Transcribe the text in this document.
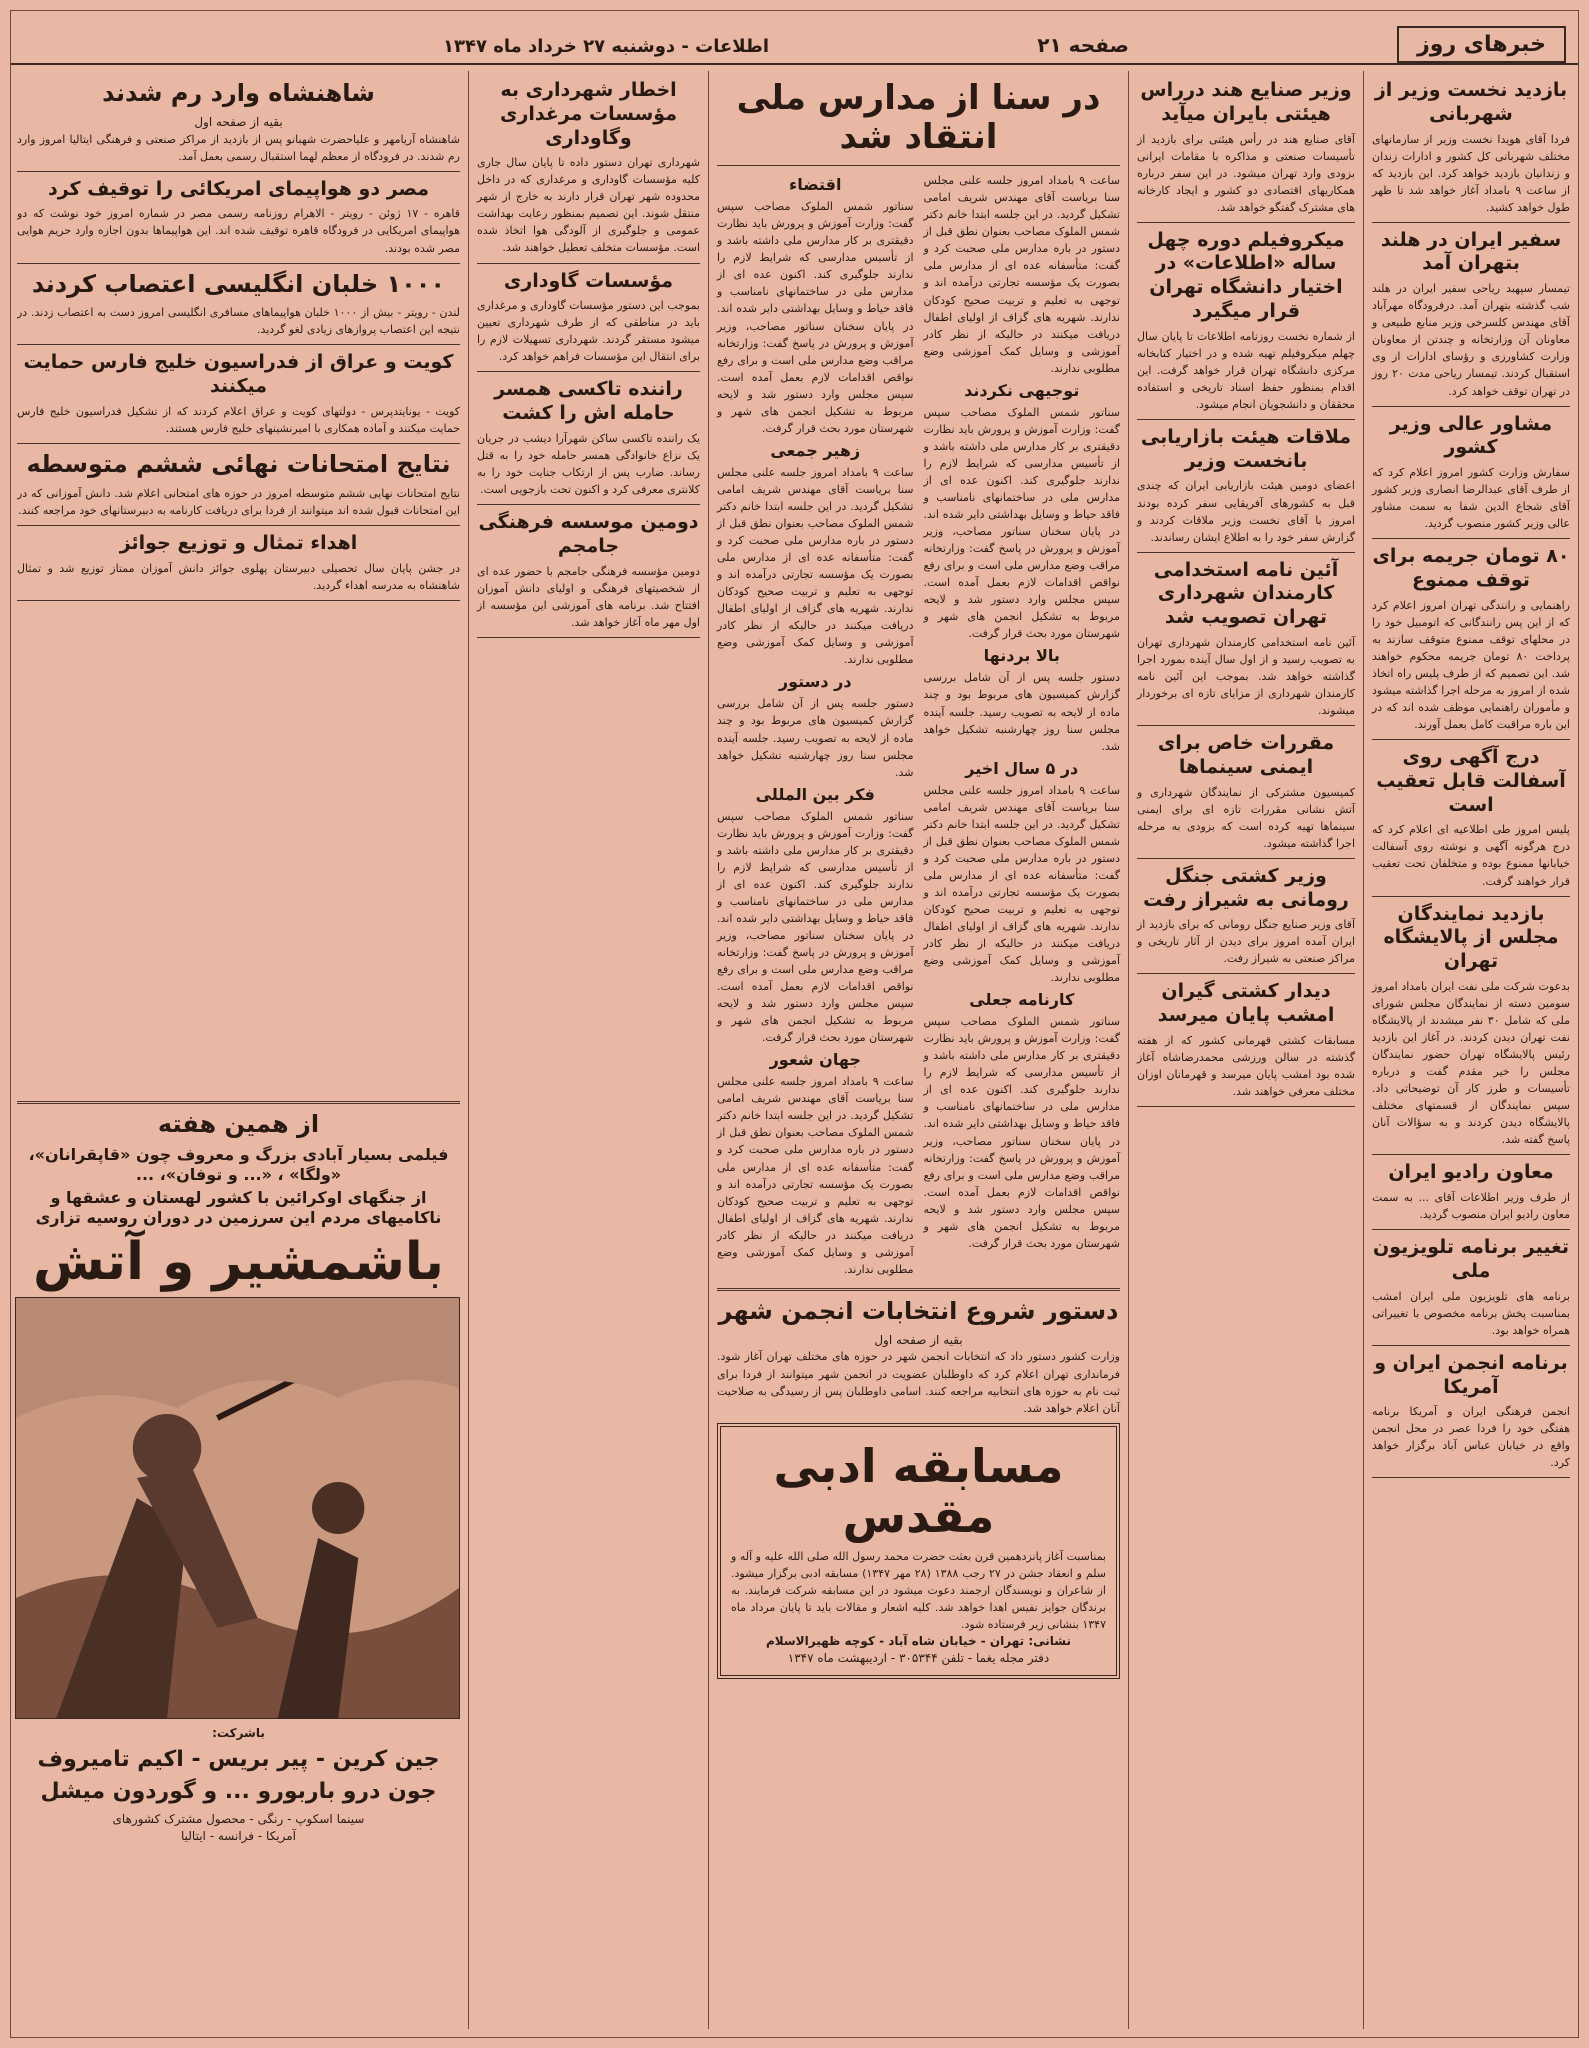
خبرهای روز
صفحه ۲۱
اطلاعات - دوشنبه ۲۷ خرداد ماه ۱۳۴۷
بازدید نخست وزیر از شهربانی
فردا آقای هویدا نخست وزیر از سازمانهای مختلف شهربانی کل کشور و ادارات زندان و زندانیان بازدید خواهد کرد. این بازدید که از ساعت ۹ بامداد آغاز خواهد شد تا ظهر طول خواهد کشید.
سفیر ایران در هلند بتهران آمد
تیمسار سپهبد ریاحی سفیر ایران در هلند شب گذشته بتهران آمد. درفرودگاه مهرآباد آقای مهندس کلسرخی وزیر منابع طبیعی و معاونان آن وزارتخانه و چندتن از معاونان وزارت کشاورزی و رؤسای ادارات از وی استقبال کردند. تیمسار ریاحی مدت ۲۰ روز در تهران توقف خواهد کرد.
مشاور عالی وزیر کشور
سفارش وزارت کشور امروز اعلام کرد که از طرف آقای عبدالرضا انصاری وزیر کشور آقای شجاع الدین شفا به سمت مشاور عالی وزیر کشور منصوب گردید.
۸۰ تومان جریمه برای توقف ممنوع
راهنمایی و رانندگی تهران امروز اعلام کرد که از این پس رانندگانی که اتومبیل خود را در محلهای توقف ممنوع متوقف سازند به پرداخت ۸۰ تومان جریمه محکوم خواهند شد. این تصمیم که از طرف پلیس راه اتخاذ شده از امروز به مرحله اجرا گذاشته میشود و مأموران راهنمایی موظف شده اند که در این باره مراقبت کامل بعمل آورند.
درج آگهی روی آسفالت قابل تعقیب است
پلیس امروز طی اطلاعیه ای اعلام کرد که درج هرگونه آگهی و نوشته روی آسفالت خیابانها ممنوع بوده و متخلفان تحت تعقیب قرار خواهند گرفت.
بازدید نمایندگان مجلس از پالایشگاه تهران
بدعوت شرکت ملی نفت ایران بامداد امروز سومین دسته از نمایندگان مجلس شورای ملی که شامل ۳۰ نفر میشدند از پالایشگاه نفت تهران دیدن کردند. در آغاز این بازدید رئیس پالایشگاه تهران حضور نمایندگان مجلس را خیر مقدم گفت و درباره تأسیسات و طرز کار آن توضیحاتی داد. سپس نمایندگان از قسمتهای مختلف پالایشگاه دیدن کردند و به سؤالات آنان پاسخ گفته شد.
معاون رادیو ایران
از طرف وزیر اطلاعات آقای ... به سمت معاون رادیو ایران منصوب گردید.
تغییر برنامه تلویزیون ملی
برنامه های تلویزیون ملی ایران امشب بمناسبت پخش برنامه مخصوص با تغییراتی همراه خواهد بود.
برنامه انجمن ایران و آمریکا
انجمن فرهنگی ایران و آمریکا برنامه هفتگی خود را فردا عصر در محل انجمن واقع در خیابان عباس آباد برگزار خواهد کرد.
وزیر صنایع هند درراس هیئتی بایران میآید
آقای صنایع هند در رأس هیئتی برای بازدید از تأسیسات صنعتی و مذاکره با مقامات ایرانی بزودی وارد تهران میشود. در این سفر درباره همکاریهای اقتصادی دو کشور و ایجاد کارخانه های مشترک گفتگو خواهد شد.
میکروفیلم دوره چهل ساله «اطلاعات» در اختیار دانشگاه تهران قرار میگیرد
از شماره نخست روزنامه اطلاعات تا پایان سال چهلم میکروفیلم تهیه شده و در اختیار کتابخانه مرکزی دانشگاه تهران قرار خواهد گرفت. این اقدام بمنظور حفظ اسناد تاریخی و استفاده محققان و دانشجویان انجام میشود.
ملاقات هیئت بازاریابی بانخست وزیر
اعضای دومین هیئت بازاریابی ایران که چندی قبل به کشورهای آفریقایی سفر کرده بودند امروز با آقای نخست وزیر ملاقات کردند و گزارش سفر خود را به اطلاع ایشان رساندند.
آئین نامه استخدامی کارمندان شهرداری تهران تصویب شد
آئین نامه استخدامی کارمندان شهرداری تهران به تصویب رسید و از اول سال آینده بمورد اجرا گذاشته خواهد شد. بموجب این آئین نامه کارمندان شهرداری از مزایای تازه ای برخوردار میشوند.
مقررات خاص برای ایمنی سینماها
کمیسیون مشترکی از نمایندگان شهرداری و آتش نشانی مقررات تازه ای برای ایمنی سینماها تهیه کرده است که بزودی به مرحله اجرا گذاشته میشود.
وزیر کشتی جنگل رومانی به شیراز رفت
آقای وزیر صنایع جنگل رومانی که برای بازدید از ایران آمده امروز برای دیدن از آثار تاریخی و مراکز صنعتی به شیراز رفت.
دیدار کشتی گیران امشب پایان میرسد
مسابقات کشتی قهرمانی کشور که از هفته گذشته در سالن ورزشی محمدرضاشاه آغاز شده بود امشب پایان میرسد و قهرمانان اوزان مختلف معرفی خواهند شد.
در سنا از مدارس ملی انتقاد شد

ساعت ۹ بامداد امروز جلسه علنی مجلس سنا بریاست آقای مهندس شریف امامی تشکیل گردید. در این جلسه ابتدا خانم دکتر شمس الملوک مصاحب بعنوان نطق قبل از دستور در باره مدارس ملی صحبت کرد و گفت: متأسفانه عده ای از مدارس ملی بصورت یک مؤسسه تجارتی درآمده اند و توجهی به تعلیم و تربیت صحیح کودکان ندارند. شهریه های گزاف از اولیای اطفال دریافت میکنند در حالیکه از نظر کادر آموزشی و وسایل کمک آموزشی وضع مطلوبی ندارند.

توجیهی نکردند

سناتور شمس الملوک مصاحب سپس گفت: وزارت آموزش و پرورش باید نظارت دقیقتری بر کار مدارس ملی داشته باشد و از تأسیس مدارسی که شرایط لازم را ندارند جلوگیری کند. اکنون عده ای از مدارس ملی در ساختمانهای نامناسب و فاقد حیاط و وسایل بهداشتی دایر شده اند. در پایان سخنان سناتور مصاحب، وزیر آموزش و پرورش در پاسخ گفت: وزارتخانه مراقب وضع مدارس ملی است و برای رفع نواقص اقدامات لازم بعمل آمده است. سپس مجلس وارد دستور شد و لایحه مربوط به تشکیل انجمن های شهر و شهرستان مورد بحث قرار گرفت.

بالا بردنها

دستور جلسه پس از آن شامل بررسی گزارش کمیسیون های مربوط بود و چند ماده از لایحه به تصویب رسید. جلسه آینده مجلس سنا روز چهارشنبه تشکیل خواهد شد.

در ۵ سال اخیر

ساعت ۹ بامداد امروز جلسه علنی مجلس سنا بریاست آقای مهندس شریف امامی تشکیل گردید. در این جلسه ابتدا خانم دکتر شمس الملوک مصاحب بعنوان نطق قبل از دستور در باره مدارس ملی صحبت کرد و گفت: متأسفانه عده ای از مدارس ملی بصورت یک مؤسسه تجارتی درآمده اند و توجهی به تعلیم و تربیت صحیح کودکان ندارند. شهریه های گزاف از اولیای اطفال دریافت میکنند در حالیکه از نظر کادر آموزشی و وسایل کمک آموزشی وضع مطلوبی ندارند.

کارنامه جعلی

سناتور شمس الملوک مصاحب سپس گفت: وزارت آموزش و پرورش باید نظارت دقیقتری بر کار مدارس ملی داشته باشد و از تأسیس مدارسی که شرایط لازم را ندارند جلوگیری کند. اکنون عده ای از مدارس ملی در ساختمانهای نامناسب و فاقد حیاط و وسایل بهداشتی دایر شده اند. در پایان سخنان سناتور مصاحب، وزیر آموزش و پرورش در پاسخ گفت: وزارتخانه مراقب وضع مدارس ملی است و برای رفع نواقص اقدامات لازم بعمل آمده است. سپس مجلس وارد دستور شد و لایحه مربوط به تشکیل انجمن های شهر و شهرستان مورد بحث قرار گرفت.

اقتضاء

سناتور شمس الملوک مصاحب سپس گفت: وزارت آموزش و پرورش باید نظارت دقیقتری بر کار مدارس ملی داشته باشد و از تأسیس مدارسی که شرایط لازم را ندارند جلوگیری کند. اکنون عده ای از مدارس ملی در ساختمانهای نامناسب و فاقد حیاط و وسایل بهداشتی دایر شده اند. در پایان سخنان سناتور مصاحب، وزیر آموزش و پرورش در پاسخ گفت: وزارتخانه مراقب وضع مدارس ملی است و برای رفع نواقص اقدامات لازم بعمل آمده است. سپس مجلس وارد دستور شد و لایحه مربوط به تشکیل انجمن های شهر و شهرستان مورد بحث قرار گرفت.

زهیر جمعی

ساعت ۹ بامداد امروز جلسه علنی مجلس سنا بریاست آقای مهندس شریف امامی تشکیل گردید. در این جلسه ابتدا خانم دکتر شمس الملوک مصاحب بعنوان نطق قبل از دستور در باره مدارس ملی صحبت کرد و گفت: متأسفانه عده ای از مدارس ملی بصورت یک مؤسسه تجارتی درآمده اند و توجهی به تعلیم و تربیت صحیح کودکان ندارند. شهریه های گزاف از اولیای اطفال دریافت میکنند در حالیکه از نظر کادر آموزشی و وسایل کمک آموزشی وضع مطلوبی ندارند.

در دستور

دستور جلسه پس از آن شامل بررسی گزارش کمیسیون های مربوط بود و چند ماده از لایحه به تصویب رسید. جلسه آینده مجلس سنا روز چهارشنبه تشکیل خواهد شد.

فکر بین المللی

سناتور شمس الملوک مصاحب سپس گفت: وزارت آموزش و پرورش باید نظارت دقیقتری بر کار مدارس ملی داشته باشد و از تأسیس مدارسی که شرایط لازم را ندارند جلوگیری کند. اکنون عده ای از مدارس ملی در ساختمانهای نامناسب و فاقد حیاط و وسایل بهداشتی دایر شده اند. در پایان سخنان سناتور مصاحب، وزیر آموزش و پرورش در پاسخ گفت: وزارتخانه مراقب وضع مدارس ملی است و برای رفع نواقص اقدامات لازم بعمل آمده است. سپس مجلس وارد دستور شد و لایحه مربوط به تشکیل انجمن های شهر و شهرستان مورد بحث قرار گرفت.

جهان شعور

ساعت ۹ بامداد امروز جلسه علنی مجلس سنا بریاست آقای مهندس شریف امامی تشکیل گردید. در این جلسه ابتدا خانم دکتر شمس الملوک مصاحب بعنوان نطق قبل از دستور در باره مدارس ملی صحبت کرد و گفت: متأسفانه عده ای از مدارس ملی بصورت یک مؤسسه تجارتی درآمده اند و توجهی به تعلیم و تربیت صحیح کودکان ندارند. شهریه های گزاف از اولیای اطفال دریافت میکنند در حالیکه از نظر کادر آموزشی و وسایل کمک آموزشی وضع مطلوبی ندارند.

دستور شروع انتخابات انجمن شهر
بقیه از صفحه اول

وزارت کشور دستور داد که انتخابات انجمن شهر در حوزه های مختلف تهران آغاز شود. فرمانداری تهران اعلام کرد که داوطلبان عضویت در انجمن شهر میتوانند از فردا برای ثبت نام به حوزه های انتخابیه مراجعه کنند. اسامی داوطلبان پس از رسیدگی به صلاحیت آنان اعلام خواهد شد.

مسابقه ادبی مقدس
بمناسبت آغاز پانزدهمین قرن بعثت حضرت محمد رسول الله صلی الله علیه و آله و سلم و انعقاد جشن در ۲۷ رجب ۱۳۸۸ (۲۸ مهر ۱۳۴۷) مسابقه ادبی برگزار میشود. از شاعران و نویسندگان ارجمند دعوت میشود در این مسابقه شرکت فرمایند. به برندگان جوایز نفیس اهدا خواهد شد. کلیه اشعار و مقالات باید تا پایان مرداد ماه ۱۳۴۷ بنشانی زیر فرستاده شود.
نشانی: تهران - خیابان شاه آباد - کوچه ظهیرالاسلام
دفتر مجله یغما - تلفن ۳۰۵۳۴۴ - اردیبهشت ماه ۱۳۴۷
اخطار شهرداری به مؤسسات مرغداری وگاوداری
شهرداری تهران دستور داده تا پایان سال جاری کلیه مؤسسات گاوداری و مرغداری که در داخل محدوده شهر تهران قرار دارند به خارج از شهر منتقل شوند. این تصمیم بمنظور رعایت بهداشت عمومی و جلوگیری از آلودگی هوا اتخاذ شده است. مؤسسات متخلف تعطیل خواهند شد.
مؤسسات گاوداری
بموجب این دستور مؤسسات گاوداری و مرغداری باید در مناطقی که از طرف شهرداری تعیین میشود مستقر گردند. شهرداری تسهیلات لازم را برای انتقال این مؤسسات فراهم خواهد کرد.
راننده تاکسی همسر حامله اش را کشت
یک راننده تاکسی ساکن شهرآرا دیشب در جریان یک نزاع خانوادگی همسر حامله خود را به قتل رساند. ضارب پس از ارتکاب جنایت خود را به کلانتری معرفی کرد و اکنون تحت بازجویی است.
دومین موسسه فرهنگی جامجم
دومین مؤسسه فرهنگی جامجم با حضور عده ای از شخصیتهای فرهنگی و اولیای دانش آموزان افتتاح شد. برنامه های آموزشی این مؤسسه از اول مهر ماه آغاز خواهد شد.
شاهنشاه وارد رم شدند
بقیه از صفحه اول
شاهنشاه آریامهر و علیاحضرت شهبانو پس از بازدید از مراکز صنعتی و فرهنگی ایتالیا امروز وارد رم شدند. در فرودگاه از معظم لهما استقبال رسمی بعمل آمد.
مصر دو هواپیمای امریکائی را توقیف کرد
قاهره - ۱۷ ژوئن - رویتر - الاهرام روزنامه رسمی مصر در شماره امروز خود نوشت که دو هواپیمای امریکایی در فرودگاه قاهره توقیف شده اند. این هواپیماها بدون اجازه وارد حریم هوایی مصر شده بودند.
۱۰۰۰ خلبان انگلیسی اعتصاب کردند
لندن - رویتر - بیش از ۱۰۰۰ خلبان هواپیماهای مسافری انگلیسی امروز دست به اعتصاب زدند. در نتیجه این اعتصاب پروازهای زیادی لغو گردید.
کویت و عراق از فدراسیون خلیج فارس حمایت میکنند
کویت - یونایتدپرس - دولتهای کویت و عراق اعلام کردند که از تشکیل فدراسیون خلیج فارس حمایت میکنند و آماده همکاری با امیرنشینهای خلیج فارس هستند.
نتایج امتحانات نهائی ششم متوسطه
نتایج امتحانات نهایی ششم متوسطه امروز در حوزه های امتحانی اعلام شد. دانش آموزانی که در این امتحانات قبول شده اند میتوانند از فردا برای دریافت کارنامه به دبیرستانهای خود مراجعه کنند.
اهداء تمثال و توزیع جوائز
در جشن پایان سال تحصیلی دبیرستان پهلوی جوائز دانش آموزان ممتاز توزیع شد و تمثال شاهنشاه به مدرسه اهداء گردید.
از همین هفته
فیلمی بسیار آبادی بزرگ و معروف چون «قاپقرانان»، «ولگا» ، «... و توفان»، ...
از جنگهای اوکرائین با کشور لهستان و عشقها و ناکامیهای مردم این سرزمین در دوران روسیه تزاری
باشمشیر و آتش
باشرکت:
جین کرین - پیر بریس - اکیم تامیروف
جون درو باربورو ... و گوردون میشل
سینما اسکوپ - رنگی - محصول مشترک کشورهای
آمریکا - فرانسه - ایتالیا
